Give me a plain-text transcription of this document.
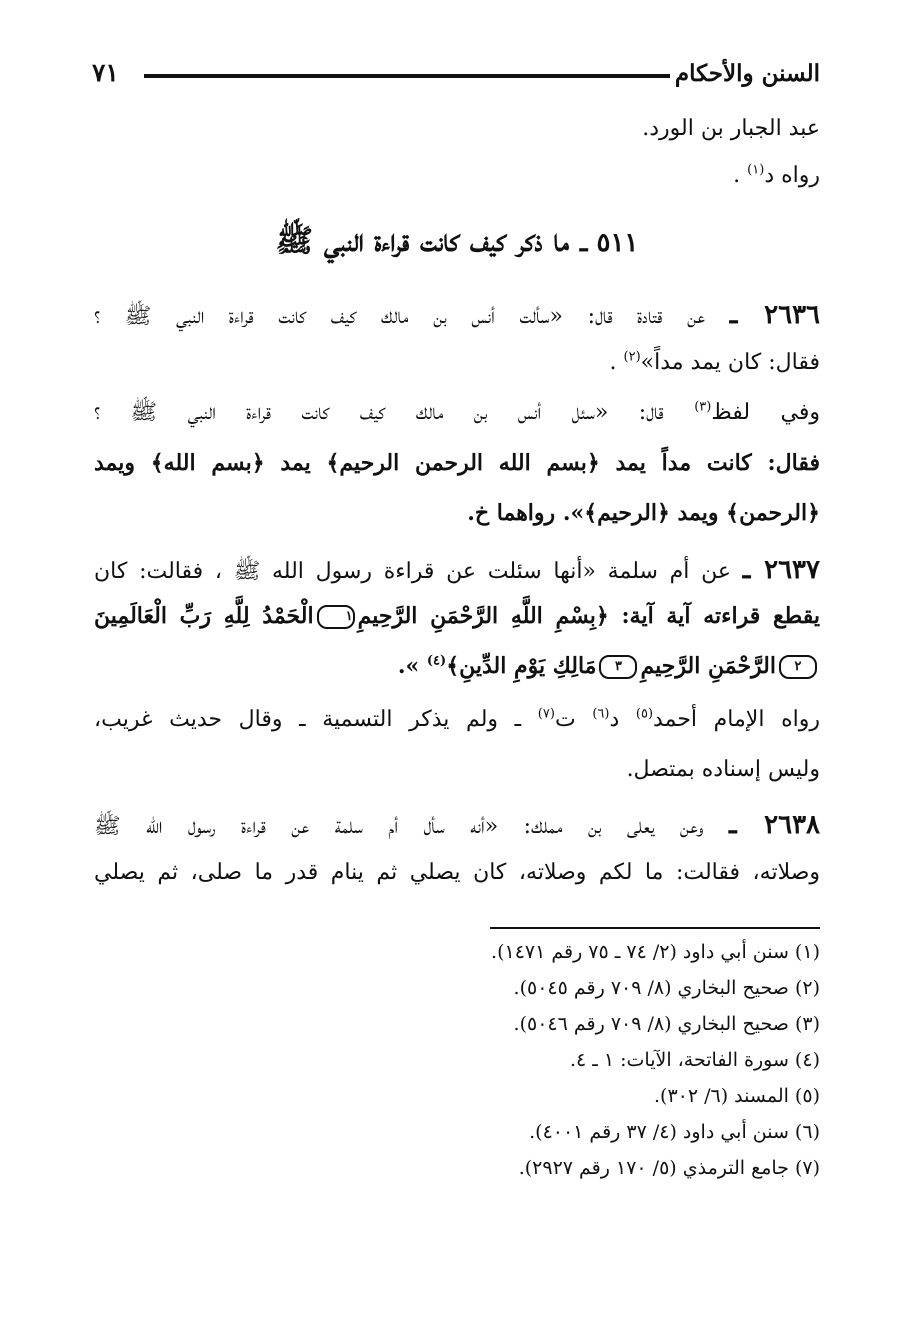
السنن والأحكام
٧١
عبد الجبار بن الورد.
رواه د$^{(١)}$ .
٥١١ ـ ما ذكر كيف كانت قراءة النبي ﷺ
٢٦٣٦ ـ عن قتادة قال: «سألت أنس بن مالك كيف كانت قراءة النبي ﷺ ؟
فقال: كان يمد مداً»$^{(٢)}$ .
وفي لفظ$^{(٣)}$ قال: «سئل أنس بن مالك كيف كانت قراءة النبي ﷺ ؟
فقال: كانت مداً يمد ﴿بسم الله الرحمن الرحيم﴾ يمد ﴿بسم الله﴾ ويمد
﴿الرحمن﴾ ويمد ﴿الرحيم﴾». رواهما خ.
٢٦٣٧ ـ عن أم سلمة «أنها سئلت عن قراءة رسول الله ﷺ ، فقالت: كان
يقطع قراءته آية آية: ﴿بِسْمِ اللَّهِ الرَّحْمَنِ الرَّحِيمِ١الْحَمْدُ لِلَّهِ رَبِّ الْعَالَمِينَ
٢الرَّحْمَنِ الرَّحِيمِ٣مَالِكِ يَوْمِ الدِّينِ﴾$^{(٤)}$ ».
رواه الإمام أحمد$^{(٥)}$ د$^{(٦)}$ ت$^{(٧)}$ ـ ولم يذكر التسمية ـ وقال حديث غريب،
وليس إسناده بمتصل.
٢٦٣٨ ـ وعن يعلى بن مملك: «أنه سأل أم سلمة عن قراءة رسول الله ﷺ
وصلاته، فقالت: ما لكم وصلاته، كان يصلي ثم ينام قدر ما صلى، ثم يصلي
(١) سنن أبي داود (٢/ ٧٤ ـ ٧٥ رقم ١٤٧١).
(٢) صحيح البخاري (٨/ ٧٠٩ رقم ٥٠٤٥).
(٣) صحيح البخاري (٨/ ٧٠٩ رقم ٥٠٤٦).
(٤) سورة الفاتحة، الآيات: ١ ـ ٤.
(٥) المسند (٦/ ٣٠٢).
(٦) سنن أبي داود (٤/ ٣٧ رقم ٤٠٠١).
(٧) جامع الترمذي (٥/ ١٧٠ رقم ٢٩٢٧).
